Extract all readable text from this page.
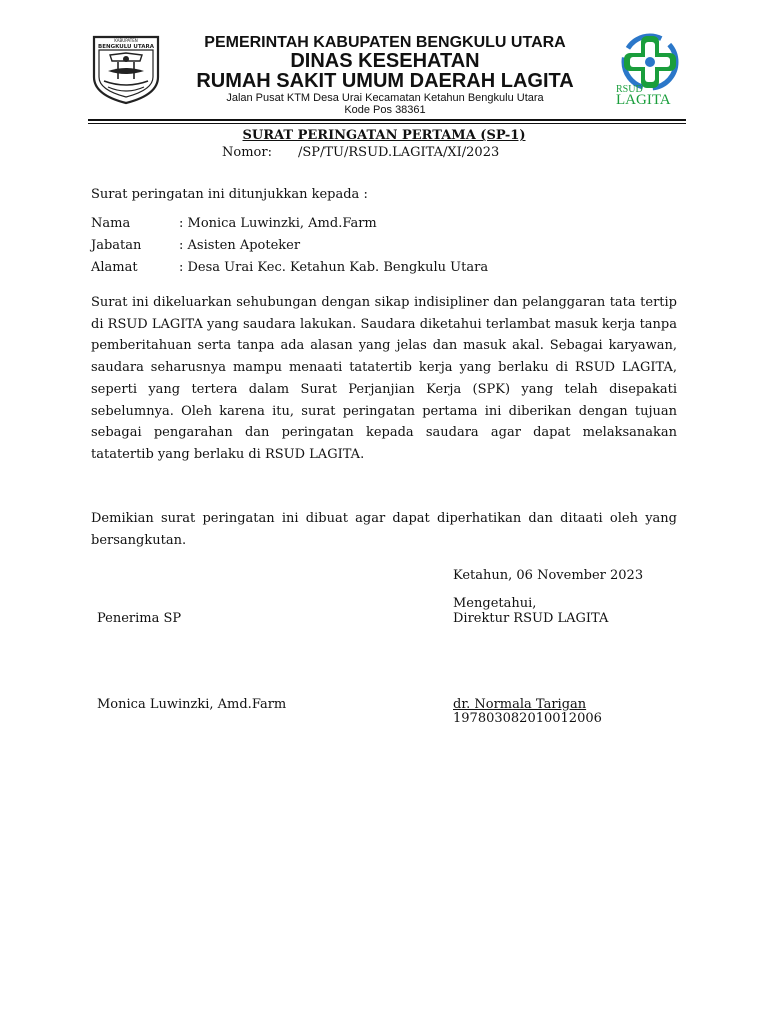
KABUPATEN
BENGKULU UTARA
RSUD
LAGITA
PEMERINTAH KABUPATEN BENGKULU UTARA
DINAS KESEHATAN
RUMAH SAKIT UMUM DAERAH LAGITA
Jalan Pusat KTM Desa Urai Kecamatan Ketahun Bengkulu Utara
Kode Pos 38361
SURAT PERINGATAN PERTAMA (SP-1)
Nomor: /SP/TU/RSUD.LAGITA/XI/2023
Surat peringatan ini ditunjukkan kepada :
Nama	: Monica Luwinzki, Amd.Farm
Jabatan	: Asisten Apoteker
Alamat	: Desa Urai Kec. Ketahun Kab. Bengkulu Utara

Surat ini dikeluarkan sehubungan dengan sikap indisipliner dan pelanggaran tata tertip di RSUD LAGITA yang saudara lakukan. Saudara diketahui terlambat masuk kerja tanpa pemberitahuan serta tanpa ada alasan yang jelas dan masuk akal. Sebagai karyawan, saudara seharusnya mampu menaati tatatertib kerja yang berlaku di RSUD LAGITA, seperti yang tertera dalam Surat Perjanjian Kerja (SPK) yang telah disepakati sebelumnya. Oleh karena itu, surat peringatan pertama ini diberikan dengan tujuan sebagai pengarahan dan peringatan kepada saudara agar dapat melaksanakan tatatertib yang berlaku di RSUD LAGITA.

Demikian surat peringatan ini dibuat agar dapat diperhatikan dan ditaati oleh yang bersangkutan.

Ketahun, 06 November 2023
Mengetahui,
Direktur RSUD LAGITA
Penerima SP
Monica Luwinzki, Amd.Farm	dr. Normala Tarigan
197803082010012006
